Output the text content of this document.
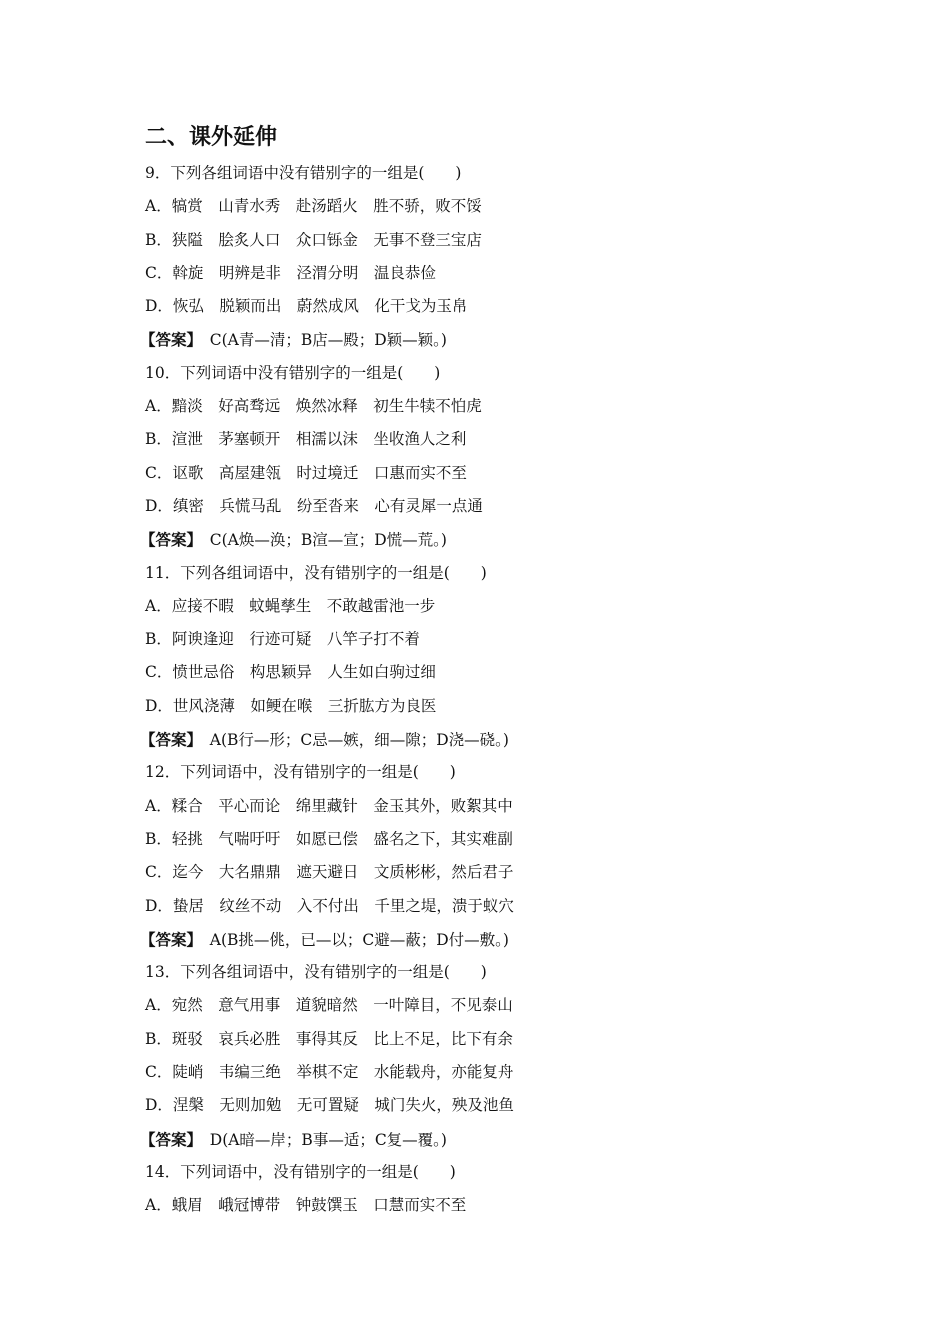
二、课外延伸
9．下列各组词语中没有错别字的一组是(　　)
A．犒赏　山青水秀　赴汤蹈火　胜不骄，败不馁
B．狭隘　脍炙人口　众口铄金　无事不登三宝店
C．斡旋　明辨是非　泾渭分明　温良恭俭
D．恢弘　脱颖而出　蔚然成风　化干戈为玉帛
【答案】　C(A青—清；B店—殿；D颖—颖。)
10．下列词语中没有错别字的一组是(　　)
A．黯淡　好高骛远　焕然冰释　初生牛犊不怕虎
B．渲泄　茅塞顿开　相濡以沫　坐收渔人之利
C．讴歌　高屋建瓴　时过境迁　口惠而实不至
D．缜密　兵慌马乱　纷至沓来　心有灵犀一点通
【答案】　C(A焕—涣；B渲—宣；D慌—荒。)
11．下列各组词语中，没有错别字的一组是(　　)
A．应接不暇　蚊蝇孳生　不敢越雷池一步
B．阿谀逢迎　行迹可疑　八竿子打不着
C．愤世忌俗　构思颖异　人生如白驹过细
D．世风浇薄　如鲠在喉　三折肱方为良医
【答案】　A(B行—形；C忌—嫉，细—隙；D浇—硗。)
12．下列词语中，没有错别字的一组是(　　)
A．糅合　平心而论　绵里藏针　金玉其外，败絮其中
B．轻挑　气喘吁吁　如愿已偿　盛名之下，其实难副
C．迄今　大名鼎鼎　遮天避日　文质彬彬，然后君子
D．蛰居　纹丝不动　入不付出　千里之堤，溃于蚁穴
【答案】　A(B挑—佻，已—以；C避—蔽；D付—敷。)
13．下列各组词语中，没有错别字的一组是(　　)
A．宛然　意气用事　道貌暗然　一叶障目，不见泰山
B．斑驳　哀兵必胜　事得其反　比上不足，比下有余
C．陡峭　韦编三绝　举棋不定　水能载舟，亦能复舟
D．涅槃　无则加勉　无可置疑　城门失火，殃及池鱼
【答案】　D(A暗—岸；B事—适；C复—覆。)
14．下列词语中，没有错别字的一组是(　　)
A．蛾眉　峨冠博带　钟鼓馔玉　口慧而实不至
